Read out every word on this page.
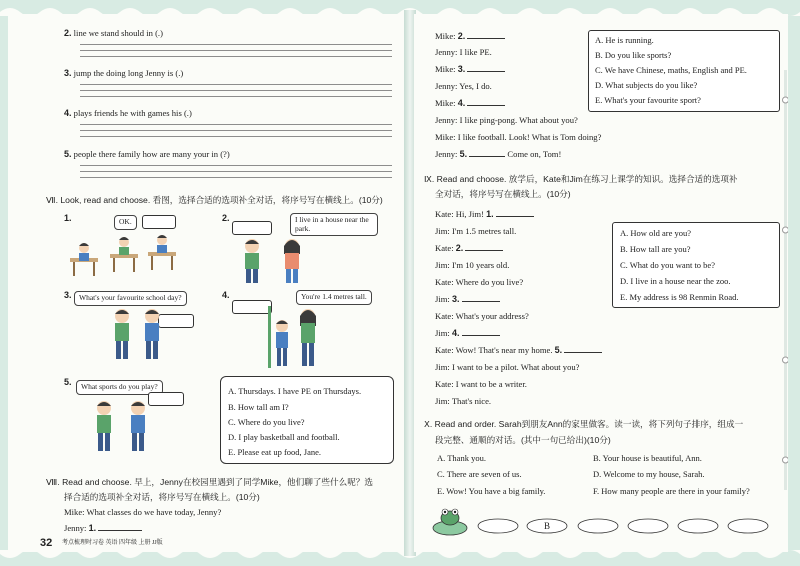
2. line we stand should in (.)
3. jump the doing long Jenny is (.)
4. plays friends he with games his (.)
5. people there family how are many your in (?)
Ⅶ. Look, read and choose. 看图，选择合适的选项补全对话，将序号写在横线上。(10分)
1.	OK.	2.	I live in a house near the park.
3. What's your favourite school day?	4.	You're 1.4 metres tall.
5.	What sports do you play?	A. Thursdays. I have PE on Thursdays.
B. How tall am I?
C. Where do you live?
D. I play basketball and football.
E. Please eat up food, Jane.
Ⅷ. Read and choose. 早上，Jenny在校园里遇到了同学Mike，他们聊了些什么呢？选
择合适的选项补全对话，将序号写在横线上。(10分)
Mike: What classes do we have today, Jenny?
Jenny: 1.
32 考点梳理时习卷 英语 四年级 上册 JJ版
Mike: 2.
Jenny: I like PE.
Mike: 3.
Jenny: Yes, I do.
Mike: 4.
Jenny: I like ping-pong. What about you?
Mike: I like football. Look! What is Tom doing?
Jenny: 5.	Come on, Tom!
A. He is running.
B. Do you like sports?
C. We have Chinese, maths, English and PE.
D. What subjects do you like?
E. What's your favourite sport?
Ⅸ. Read and choose. 放学后，Kate和Jim在练习上课学的知识。选择合适的选项补
全对话，将序号写在横线上。(10分)
Kate: Hi, Jim! 1.
Jim: I'm 1.5 metres tall.
Kate: 2.
Jim: I'm 10 years old.
Kate: Where do you live?
Jim: 3.
Kate: What's your address?
Jim: 4.
Kate: Wow! That's near my home. 5.
Jim: I want to be a pilot. What about you?
Kate: I want to be a writer.
Jim: That's nice.
A. How old are you?
B. How tall are you?
C. What do you want to be?
D. I live in a house near the zoo.
E. My address is 98 Renmin Road.
Ⅹ. Read and order. Sarah到朋友Ann的家里做客。读一读，将下列句子排序，组成一
段完整、通顺的对话。(其中一句已给出)(10分)
A. Thank you.	B. Your house is beautiful, Ann.
C. There are seven of us.	D. Welcome to my house, Sarah.
E. Wow! You have a big family.	F. How many people are there in your family?
B
